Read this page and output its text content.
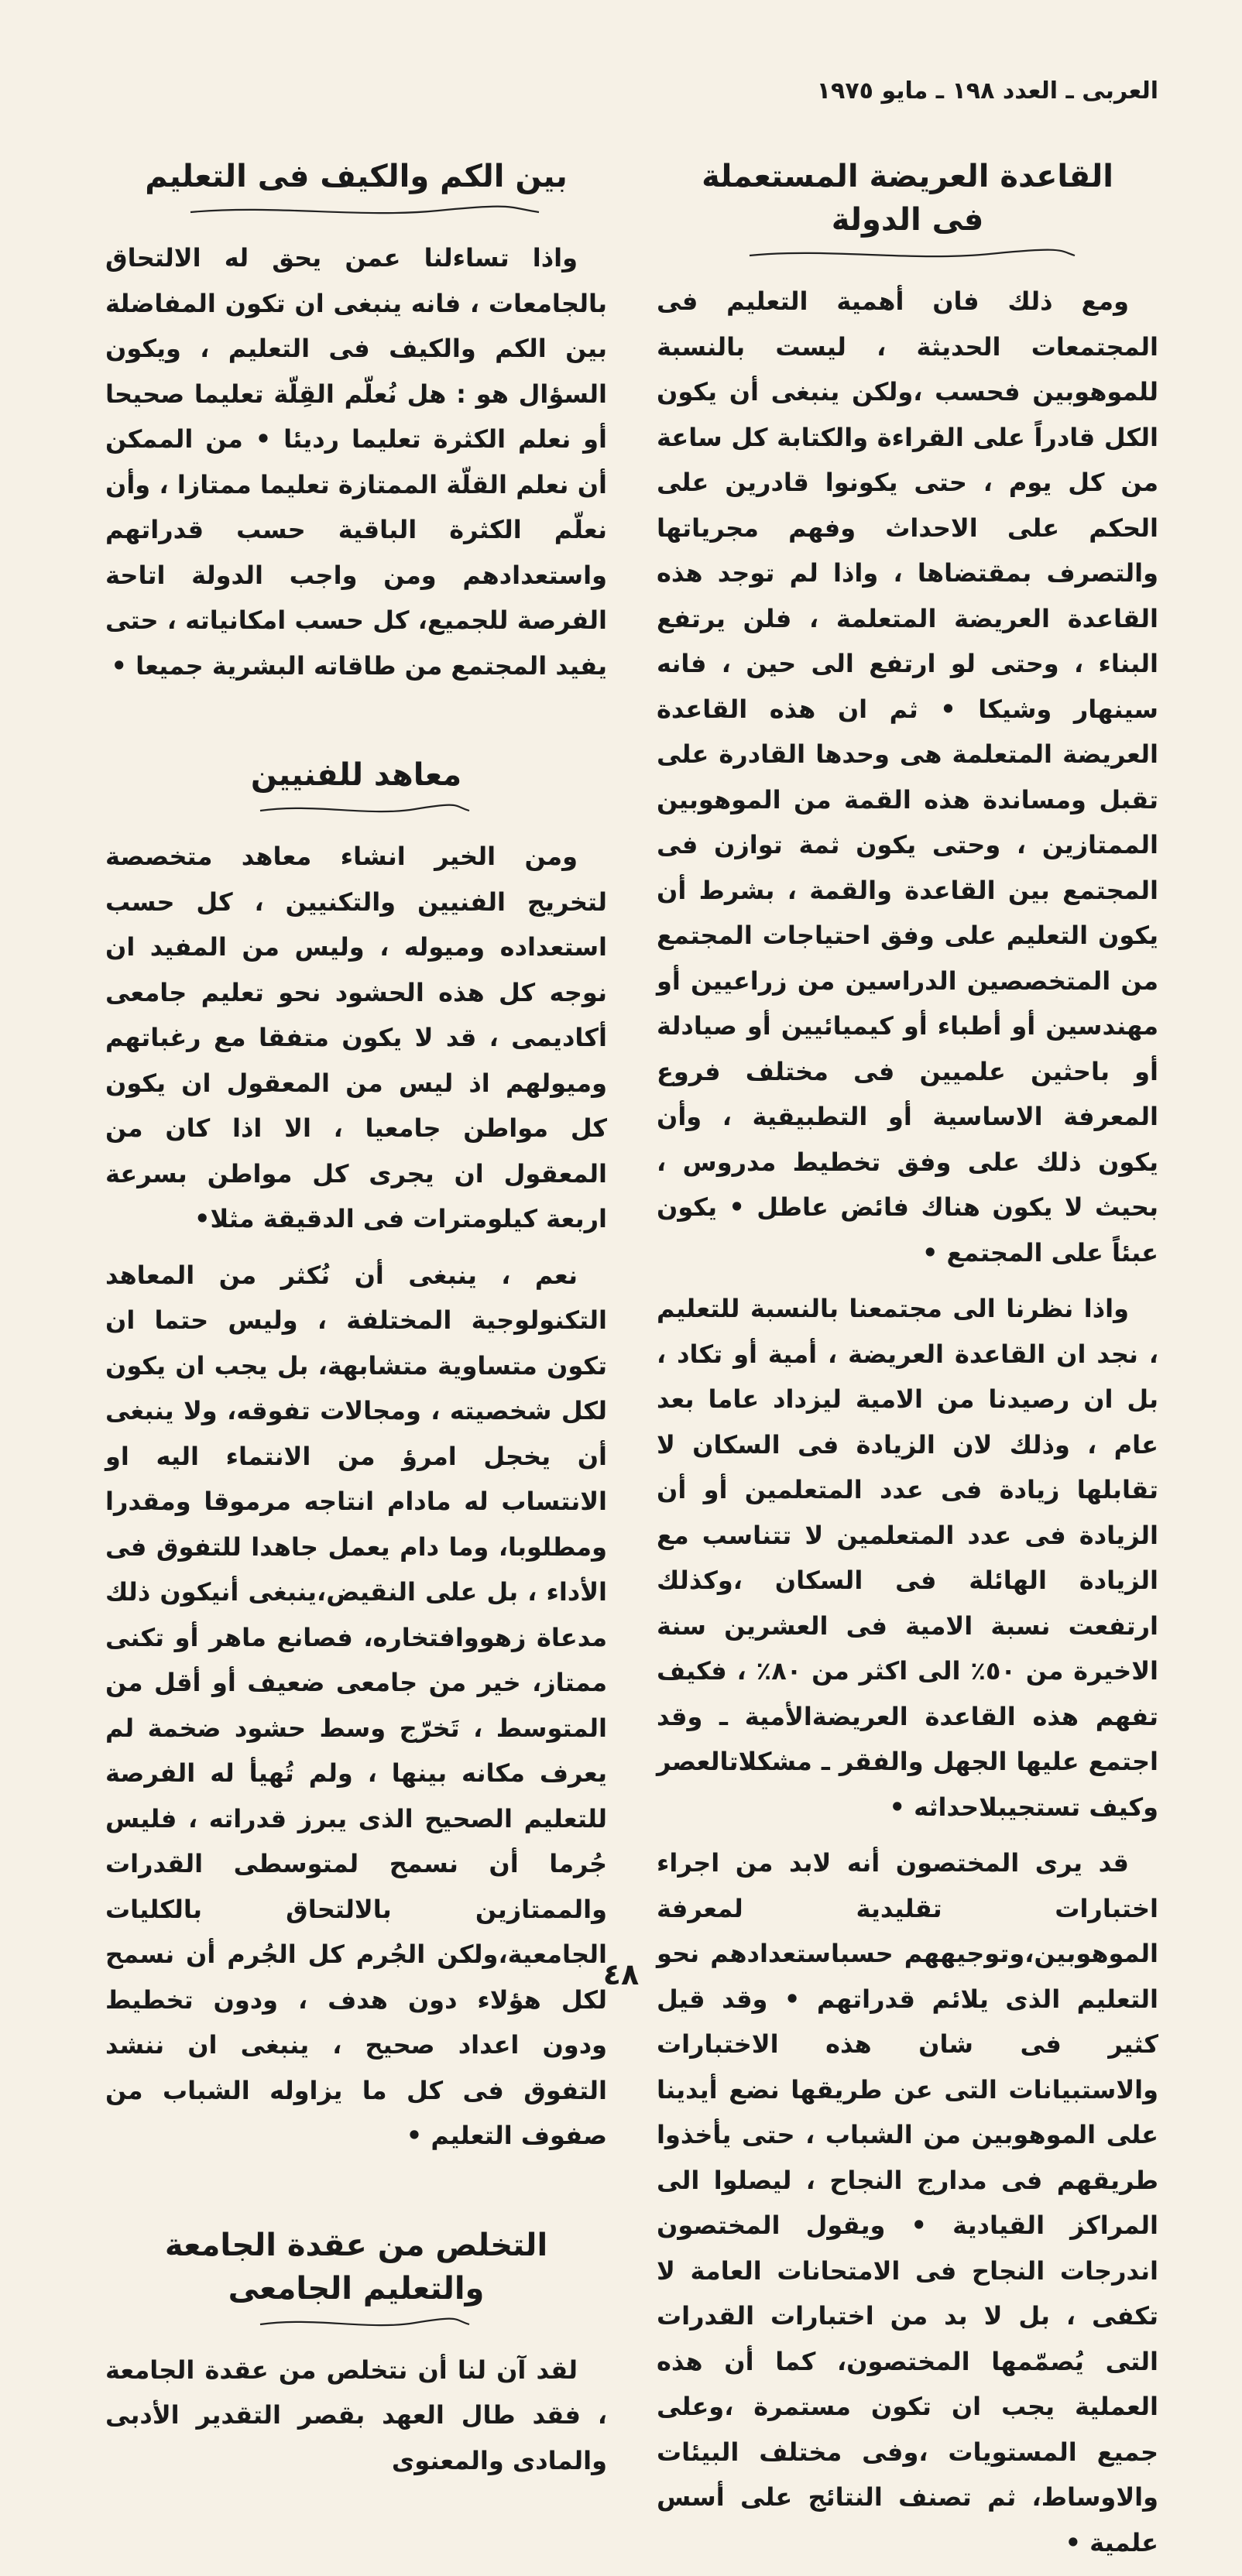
العربى ـ العدد ١٩٨ ـ مايو ١٩٧٥
القاعدة العريضة المستعملة
فى الدولة

ومع ذلك فان أهمية التعليم فى المجتمعات الحديثة ، ليست بالنسبة للموهوبين فحسب ،ولكن ينبغى أن يكون الكل قادراً على القراءة والكتابة كل ساعة من كل يوم ، حتى يكونوا قادرين على الحكم على الاحداث وفهم مجرياتها والتصرف بمقتضاها ، واذا لم توجد هذه القاعدة العريضة المتعلمة ، فلن يرتفع البناء ، وحتى لو ارتفع الى حين ، فانه سينهار وشيكا • ثم ان هذه القاعدة العريضة المتعلمة هى وحدها القادرة على تقبل ومساندة هذه القمة من الموهوبين الممتازين ، وحتى يكون ثمة توازن فى المجتمع بين القاعدة والقمة ، بشرط أن يكون التعليم على وفق احتياجات المجتمع من المتخصصين الدراسين من زراعيين أو مهندسين أو أطباء أو كيميائيين أو صيادلة أو باحثين علميين فى مختلف فروع المعرفة الاساسية أو التطبيقية ، وأن يكون ذلك على وفق تخطيط مدروس ، بحيث لا يكون هناك فائض عاطل • يكون عبئاً على المجتمع •

واذا نظرنا الى مجتمعنا بالنسبة للتعليم ، نجد ان القاعدة العريضة ، أمية أو تكاد ، بل ان رصيدنا من الامية ليزداد عاما بعد عام ، وذلك لان الزيادة فى السكان لا تقابلها زيادة فى عدد المتعلمين أو أن الزيادة فى عدد المتعلمين لا تتناسب مع الزيادة الهائلة فى السكان ،وكذلك ارتفعت نسبة الامية فى العشرين سنة الاخيرة من ٥٠٪ الى اكثر من ٨٠٪ ، فكيف تفهم هذه القاعدة العريضةالأمية ـ وقد اجتمع عليها الجهل والفقر ـ مشكلاتالعصر وكيف تستجيبلاحداثه •

قد يرى المختصون أنه لابد من اجراء اختبارات تقليدية لمعرفة الموهوبين،وتوجيههم حسباستعدادهم نحو التعليم الذى يلائم قدراتهم • وقد قيل كثير فى شان هذه الاختبارات والاستبيانات التى عن طريقها نضع أيدينا على الموهوبين من الشباب ، حتى يأخذوا طريقهم فى مدارج النجاح ، ليصلوا الى المراكز القيادية • ويقول المختصون اندرجات النجاح فى الامتحانات العامة لا تكفى ، بل لا بد من اختبارات القدرات التى يُصمّمها المختصون، كما أن هذه العملية يجب ان تكون مستمرة ،وعلى جميع المستويات ،وفى مختلف البيئات والاوساط، ثم تصنف النتائج على أسس علمية •

بين الكم والكيف فى التعليم

واذا تساءلنا عمن يحق له الالتحاق بالجامعات ، فانه ينبغى ان تكون المفاضلة بين الكم والكيف فى التعليم ، ويكون السؤال هو : هل نُعلّم القِلّة تعليما صحيحا أو نعلم الكثرة تعليما رديئا • من الممكن أن نعلم القلّة الممتازة تعليما ممتازا ، وأن نعلّم الكثرة الباقية حسب قدراتهم واستعدادهم ومن واجب الدولة اتاحة الفرصة للجميع، كل حسب امكانياته ، حتى يفيد المجتمع من طاقاته البشرية جميعا •

معاهد للفنيين

ومن الخير انشاء معاهد متخصصة لتخريج الفنيين والتكنيين ، كل حسب استعداده وميوله ، وليس من المفيد ان نوجه كل هذه الحشود نحو تعليم جامعى أكاديمى ، قد لا يكون متفقا مع رغباتهم وميولهم اذ ليس من المعقول ان يكون كل مواطن جامعيا ، الا اذا كان من المعقول ان يجرى كل مواطن بسرعة اربعة كيلومترات فى الدقيقة مثلا•

نعم ، ينبغى أن نُكثر من المعاهد التكنولوجية المختلفة ، وليس حتما ان تكون متساوية متشابهة، بل يجب ان يكون لكل شخصيته ، ومجالات تفوقه، ولا ينبغى أن يخجل امرؤ من الانتماء اليه او الانتساب له مادام انتاجه مرموقا ومقدرا ومطلوبا، وما دام يعمل جاهدا للتفوق فى الأداء ، بل على النقيض،ينبغى أنيكون ذلك مدعاة زهووافتخاره، فصانع ماهر أو تكنى ممتاز، خير من جامعى ضعيف أو أقل من المتوسط ، تَخرّج وسط حشود ضخمة لم يعرف مكانه بينها ، ولم تُهيأ له الفرصة للتعليم الصحيح الذى يبرز قدراته ، فليس جُرما أن نسمح لمتوسطى القدرات والممتازين بالالتحاق بالكليات الجامعية،ولكن الجُرم كل الجُرم أن نسمح لكل هؤلاء دون هدف ، ودون تخطيط ودون اعداد صحيح ، ينبغى ان ننشد التفوق فى كل ما يزاوله الشباب من صفوف التعليم •

التخلص من عقدة الجامعة
والتعليم الجامعى

لقد آن لنا أن نتخلص من عقدة الجامعة ، فقد طال العهد بقصر التقدير الأدبى والمادى والمعنوى

٤٨
